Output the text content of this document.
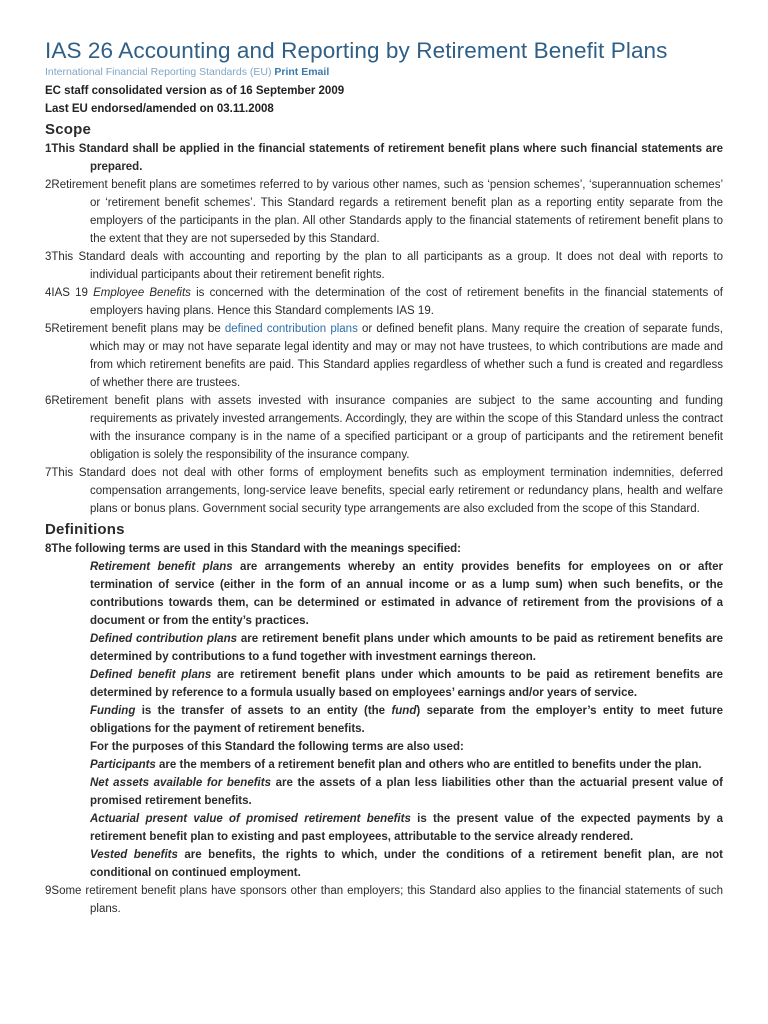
IAS 26 Accounting and Reporting by Retirement Benefit Plans
International Financial Reporting Standards (EU) Print Email
EC staff consolidated version as of 16 September 2009
Last EU endorsed/amended on 03.11.2008
Scope

1This Standard shall be applied in the financial statements of retirement benefit plans where such financial statements are prepared.

2Retirement benefit plans are sometimes referred to by various other names, such as ‘pension schemes’, ‘superannuation schemes’ or ‘retirement benefit schemes’. This Standard regards a retirement benefit plan as a reporting entity separate from the employers of the participants in the plan. All other Standards apply to the financial statements of retirement benefit plans to the extent that they are not superseded by this Standard.

3This Standard deals with accounting and reporting by the plan to all participants as a group. It does not deal with reports to individual participants about their retirement benefit rights.

4IAS 19 Employee Benefits is concerned with the determination of the cost of retirement benefits in the financial statements of employers having plans. Hence this Standard complements IAS 19.

5Retirement benefit plans may be defined contribution plans or defined benefit plans. Many require the creation of separate funds, which may or may not have separate legal identity and may or may not have trustees, to which contributions are made and from which retirement benefits are paid. This Standard applies regardless of whether such a fund is created and regardless of whether there are trustees.

6Retirement benefit plans with assets invested with insurance companies are subject to the same accounting and funding requirements as privately invested arrangements. Accordingly, they are within the scope of this Standard unless the contract with the insurance company is in the name of a specified participant or a group of participants and the retirement benefit obligation is solely the responsibility of the insurance company.

7This Standard does not deal with other forms of employment benefits such as employment termination indemnities, deferred compensation arrangements, long-service leave benefits, special early retirement or redundancy plans, health and welfare plans or bonus plans. Government social security type arrangements are also excluded from the scope of this Standard.

Definitions

8The following terms are used in this Standard with the meanings specified:

Retirement benefit plans are arrangements whereby an entity provides benefits for employees on or after termination of service (either in the form of an annual income or as a lump sum) when such benefits, or the contributions towards them, can be determined or estimated in advance of retirement from the provisions of a document or from the entity’s practices.

Defined contribution plans are retirement benefit plans under which amounts to be paid as retirement benefits are determined by contributions to a fund together with investment earnings thereon.

Defined benefit plans are retirement benefit plans under which amounts to be paid as retirement benefits are determined by reference to a formula usually based on employees’ earnings and/or years of service.

Funding is the transfer of assets to an entity (the fund) separate from the employer’s entity to meet future obligations for the payment of retirement benefits.

For the purposes of this Standard the following terms are also used:

Participants are the members of a retirement benefit plan and others who are entitled to benefits under the plan.

Net assets available for benefits are the assets of a plan less liabilities other than the actuarial present value of promised retirement benefits.

Actuarial present value of promised retirement benefits is the present value of the expected payments by a retirement benefit plan to existing and past employees, attributable to the service already rendered.

Vested benefits are benefits, the rights to which, under the conditions of a retirement benefit plan, are not conditional on continued employment.

9Some retirement benefit plans have sponsors other than employers; this Standard also applies to the financial statements of such plans.
